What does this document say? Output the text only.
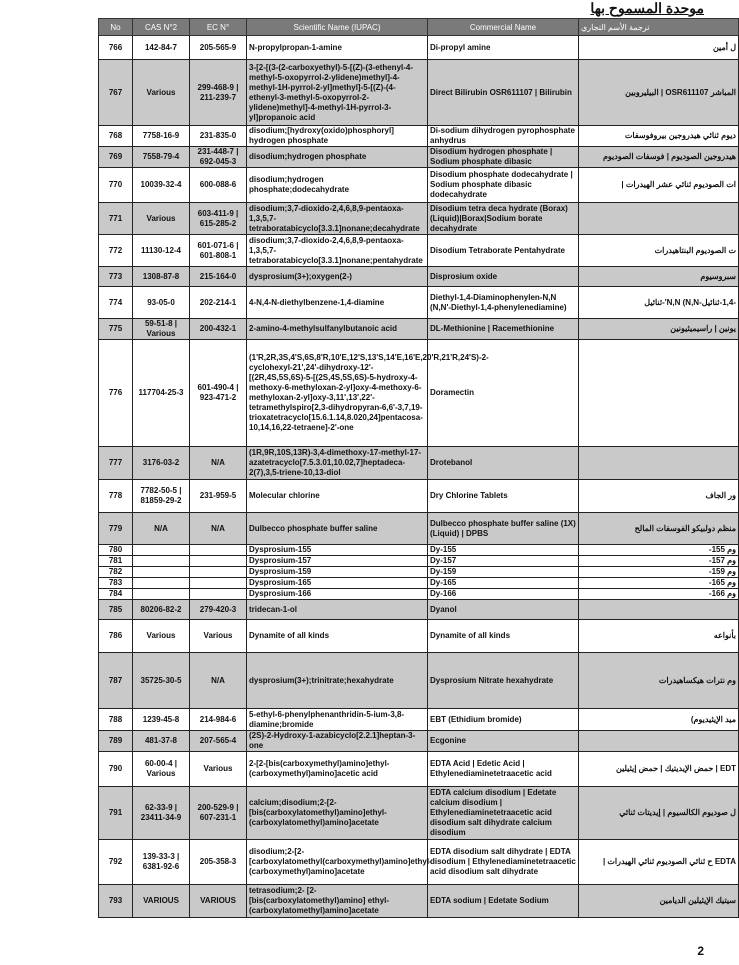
موحدة المسموح بها
No	CAS N°2	EC N°	Scientific Name (IUPAC)	Commercial Name	ترجمة الأسم التجاري
766	142-84-7	205-565-9	N-propylpropan-1-amine	Di-propyl amine	ل أمين
767	Various	299-468-9 | 211-239-7	3-[2-[(3-(2-carboxyethyl)-5-[(Z)-(3-ethenyl-4-methyl-5-oxopyrrol-2-ylidene)methyl]-4-methyl-1H-pyrrol-2-yl]methyl]-5-[(Z)-(4-ethenyl-3-methyl-5-oxopyrrol-2-ylidene)methyl]-4-methyl-1H-pyrrol-3-yl]propanoic acid	Direct Bilirubin OSR611107 | Bilirubin	المباشر OSR611107 | البيليروبين
768	7758-16-9	231-835-0	disodium;[hydroxy(oxido)phosphoryl] hydrogen phosphate	Di-sodium dihydrogen pyrophosphate anhydrus	ديوم ثنائي هيدروجين بيروفوسفات
769	7558-79-4	231-448-7 | 692-045-3	disodium;hydrogen phosphate	Disodium hydrogen phosphate | Sodium phosphate dibasic	هيدروجين الصوديوم | فوسفات الصوديوم
770	10039-32-4	600-088-6	disodium;hydrogen phosphate;dodecahydrate	Disodium phosphate dodecahydrate | Sodium phosphate dibasic dodecahydrate	ات الصوديوم ثنائي عشر الهيدرات |
771	Various	603-411-9 | 615-285-2	disodium;3,7-dioxido-2,4,6,8,9-pentaoxa-1,3,5,7-tetraboratabicyclo[3.3.1]nonane;decahydrate	Disodium tetra deca hydrate (Borax) (Liquid)|Borax|Sodium borate decahydrate	
772	11130-12-4	601-071-6 | 601-808-1	disodium;3,7-dioxido-2,4,6,8,9-pentaoxa-1,3,5,7-tetraboratabicyclo[3.3.1]nonane;pentahydrate	Disodium Tetraborate Pentahydrate	ت الصوديوم البنتاهيدرات
773	1308-87-8	215-164-0	dysprosium(3+);oxygen(2-)	Disprosium oxide	سبروسيوم
774	93-05-0	202-214-1	4-N,4-N-diethylbenzene-1,4-diamine	Diethyl-1,4-Diaminophenylen-N,N (N,N'-Diethyl-1,4-phenylenediamine)	-1,4-ثنائيل-N,N (N,N'-ثنائيل
775	59-51-8 | Various	200-432-1	2-amino-4-methylsulfanylbutanoic acid	DL-Methionine | Racemethionine	يونين | راسيميثيونين
776	117704-25-3	601-490-4 | 923-471-2	(1'R,2R,3S,4'S,6S,8'R,10'E,12'S,13'S,14'E,16'E,20'R,21'R,24'S)-2-cyclohexyl-21',24'-dihydroxy-12'-[(2R,4S,5S,6S)-5-[(2S,4S,5S,6S)-5-hydroxy-4-methoxy-6-methyloxan-2-yl]oxy-4-methoxy-6-methyloxan-2-yl]oxy-3,11',13',22'-tetramethylspiro[2,3-dihydropyran-6,6'-3,7,19-trioxatetracyclo[15.6.1.14,8.020,24]pentacosa-10,14,16,22-tetraene]-2'-one	Doramectin	
777	3176-03-2	N/A	(1R,9R,10S,13R)-3,4-dimethoxy-17-methyl-17-azatetracyclo[7.5.3.01,10.02,7]heptadeca-2(7),3,5-triene-10,13-diol	Drotebanol	
778	7782-50-5 | 81859-29-2	231-959-5	Molecular chlorine	Dry Chlorine Tablets	ور الجاف
779	N/A	N/A	Dulbecco phosphate buffer saline	Dulbecco phosphate buffer saline (1X) (Liquid) | DPBS	منظم دولبيكو الفوسفات المالح
780			Dysprosium-155	Dy-155	وم 155-
781			Dysprosium-157	Dy-157	وم 157-
782			Dysprosium-159	Dy-159	وم 159-
783			Dysprosium-165	Dy-165	وم 165-
784			Dysprosium-166	Dy-166	وم 166-
785	80206-82-2	279-420-3	tridecan-1-ol	Dyanol	
786	Various	Various	Dynamite of all kinds	Dynamite of all kinds	بأنواعه
787	35725-30-5	N/A	dysprosium(3+);trinitrate;hexahydrate	Dysprosium Nitrate hexahydrate	وم نترات هيكساهيدرات
788	1239-45-8	214-984-6	5-ethyl-6-phenylphenanthridin-5-ium-3,8-diamine;bromide	EBT (Ethidium bromide)	ميد الإيثيديوم)
789	481-37-8	207-565-4	(2S)-2-Hydroxy-1-azabicyclo[2.2.1]heptan-3-one	Ecgonine	
790	60-00-4 | Various	Various	2-[2-[bis(carboxymethyl)amino]ethyl-(carboxymethyl)amino]acetic acid	EDTA Acid | Edetic Acid | Ethylenediaminetetraacetic acid	EDT | حمض الإيديتيك | حمض إيثيلين
791	62-33-9 | 23411-34-9	200-529-9 | 607-231-1	calcium;disodium;2-[2-[bis(carboxylatomethyl)amino]ethyl-(carboxylatomethyl)amino]acetate	EDTA calcium disodium | Edetate calcium disodium | Ethylenediaminetetraacetic acid disodium salt dihydrate calcium disodium	ل صوديوم الكالسيوم | إيديتات ثنائي
792	139-33-3 | 6381-92-6	205-358-3	disodium;2-[2-[carboxylatomethyl(carboxymethyl)amino]ethyl-(carboxymethyl)amino]acetate	EDTA disodium salt dihydrate | EDTA disodium | Ethylenediaminetetraacetic acid disodium salt dihydrate	EDTA ح ثنائي الصوديوم ثنائي الهيدرات |
793	VARIOUS	VARIOUS	tetrasodium;2- [2-[bis(carboxylatomethyl)amino] ethyl-(carboxylatomethyl)amino]acetate	EDTA sodium | Edetate Sodium	سيتيك الإيثيلين الديامين
2
